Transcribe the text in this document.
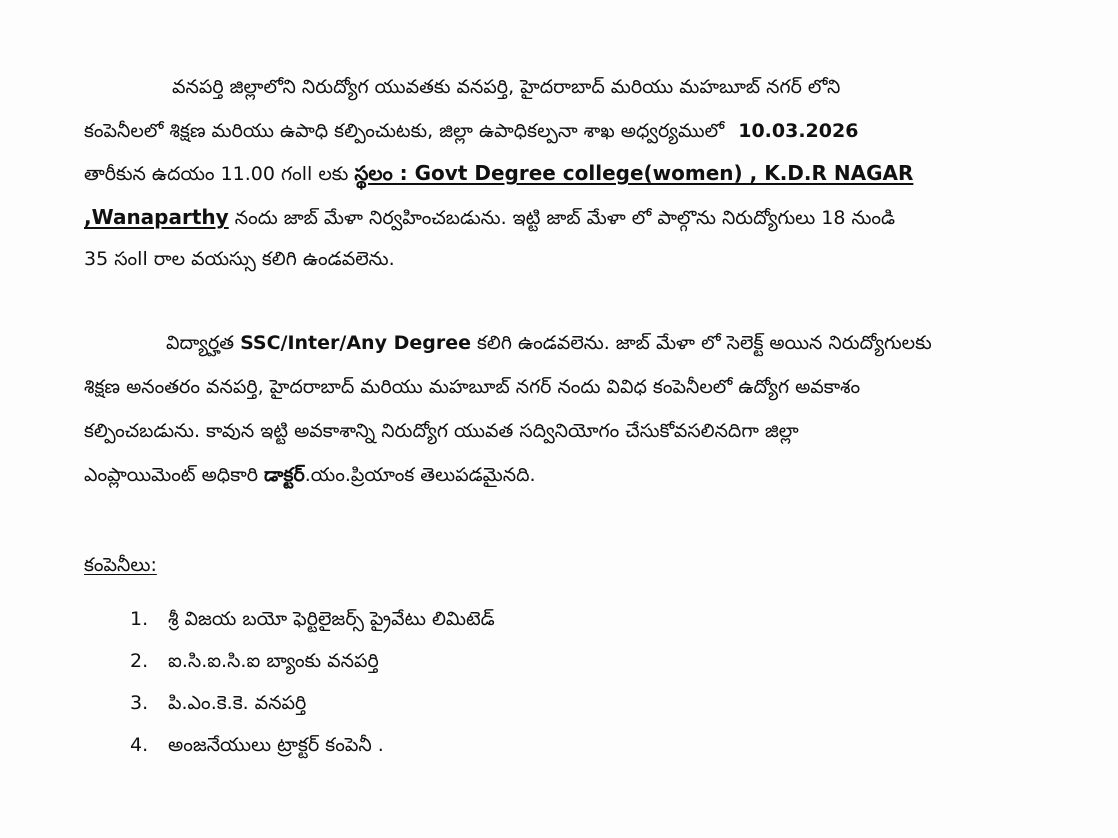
వనపర్తి జిల్లాలోని నిరుద్యోగ యువతకు వనపర్తి, హైదరాబాద్ మరియు మహబూబ్ నగర్ లోని
కంపెనీలలో శిక్షణ మరియు ఉపాధి కల్పించుటకు, జిల్లా ఉపాధికల్పనా శాఖ అధ్వర్యములో 10.03.2026
తారీకున ఉదయం 11.00 గంll లకు స్థలం : Govt Degree college(women) , K.D.R NAGAR
,Wanaparthy నందు జాబ్ మేళా నిర్వహించబడును. ఇట్టి జాబ్ మేళా లో పాల్గొను నిరుద్యోగులు 18 నుండి
35 సంll రాల వయస్సు కలిగి ఉండవలెను.
విద్యార్హత SSC/Inter/Any Degree కలిగి ఉండవలెను. జాబ్ మేళా లో సెలెక్ట్ అయిన నిరుద్యోగులకు
శిక్షణ అనంతరం వనపర్తి, హైదరాబాద్ మరియు మహబూబ్ నగర్ నందు వివిధ కంపెనీలలో ఉద్యోగ అవకాశం
కల్పించబడును. కావున ఇట్టి అవకాశాన్ని నిరుద్యోగ యువత సద్వినియోగం చేసుకోవసలినదిగా జిల్లా
ఎంప్లాయిమెంట్ అధికారి డాక్టర్.యం.ప్రియాంక తెలుపడమైనది.
కంపెనీలు:
1. శ్రీ విజయ బయో ఫెర్టిలైజర్స్ ప్రైవేటు లిమిటెడ్
2. ఐ.సి.ఐ.సి.ఐ బ్యాంకు వనపర్తి
3. పి.ఎం.కె.కె. వనపర్తి
4. అంజనేయులు ట్రాక్టర్ కంపెనీ .
